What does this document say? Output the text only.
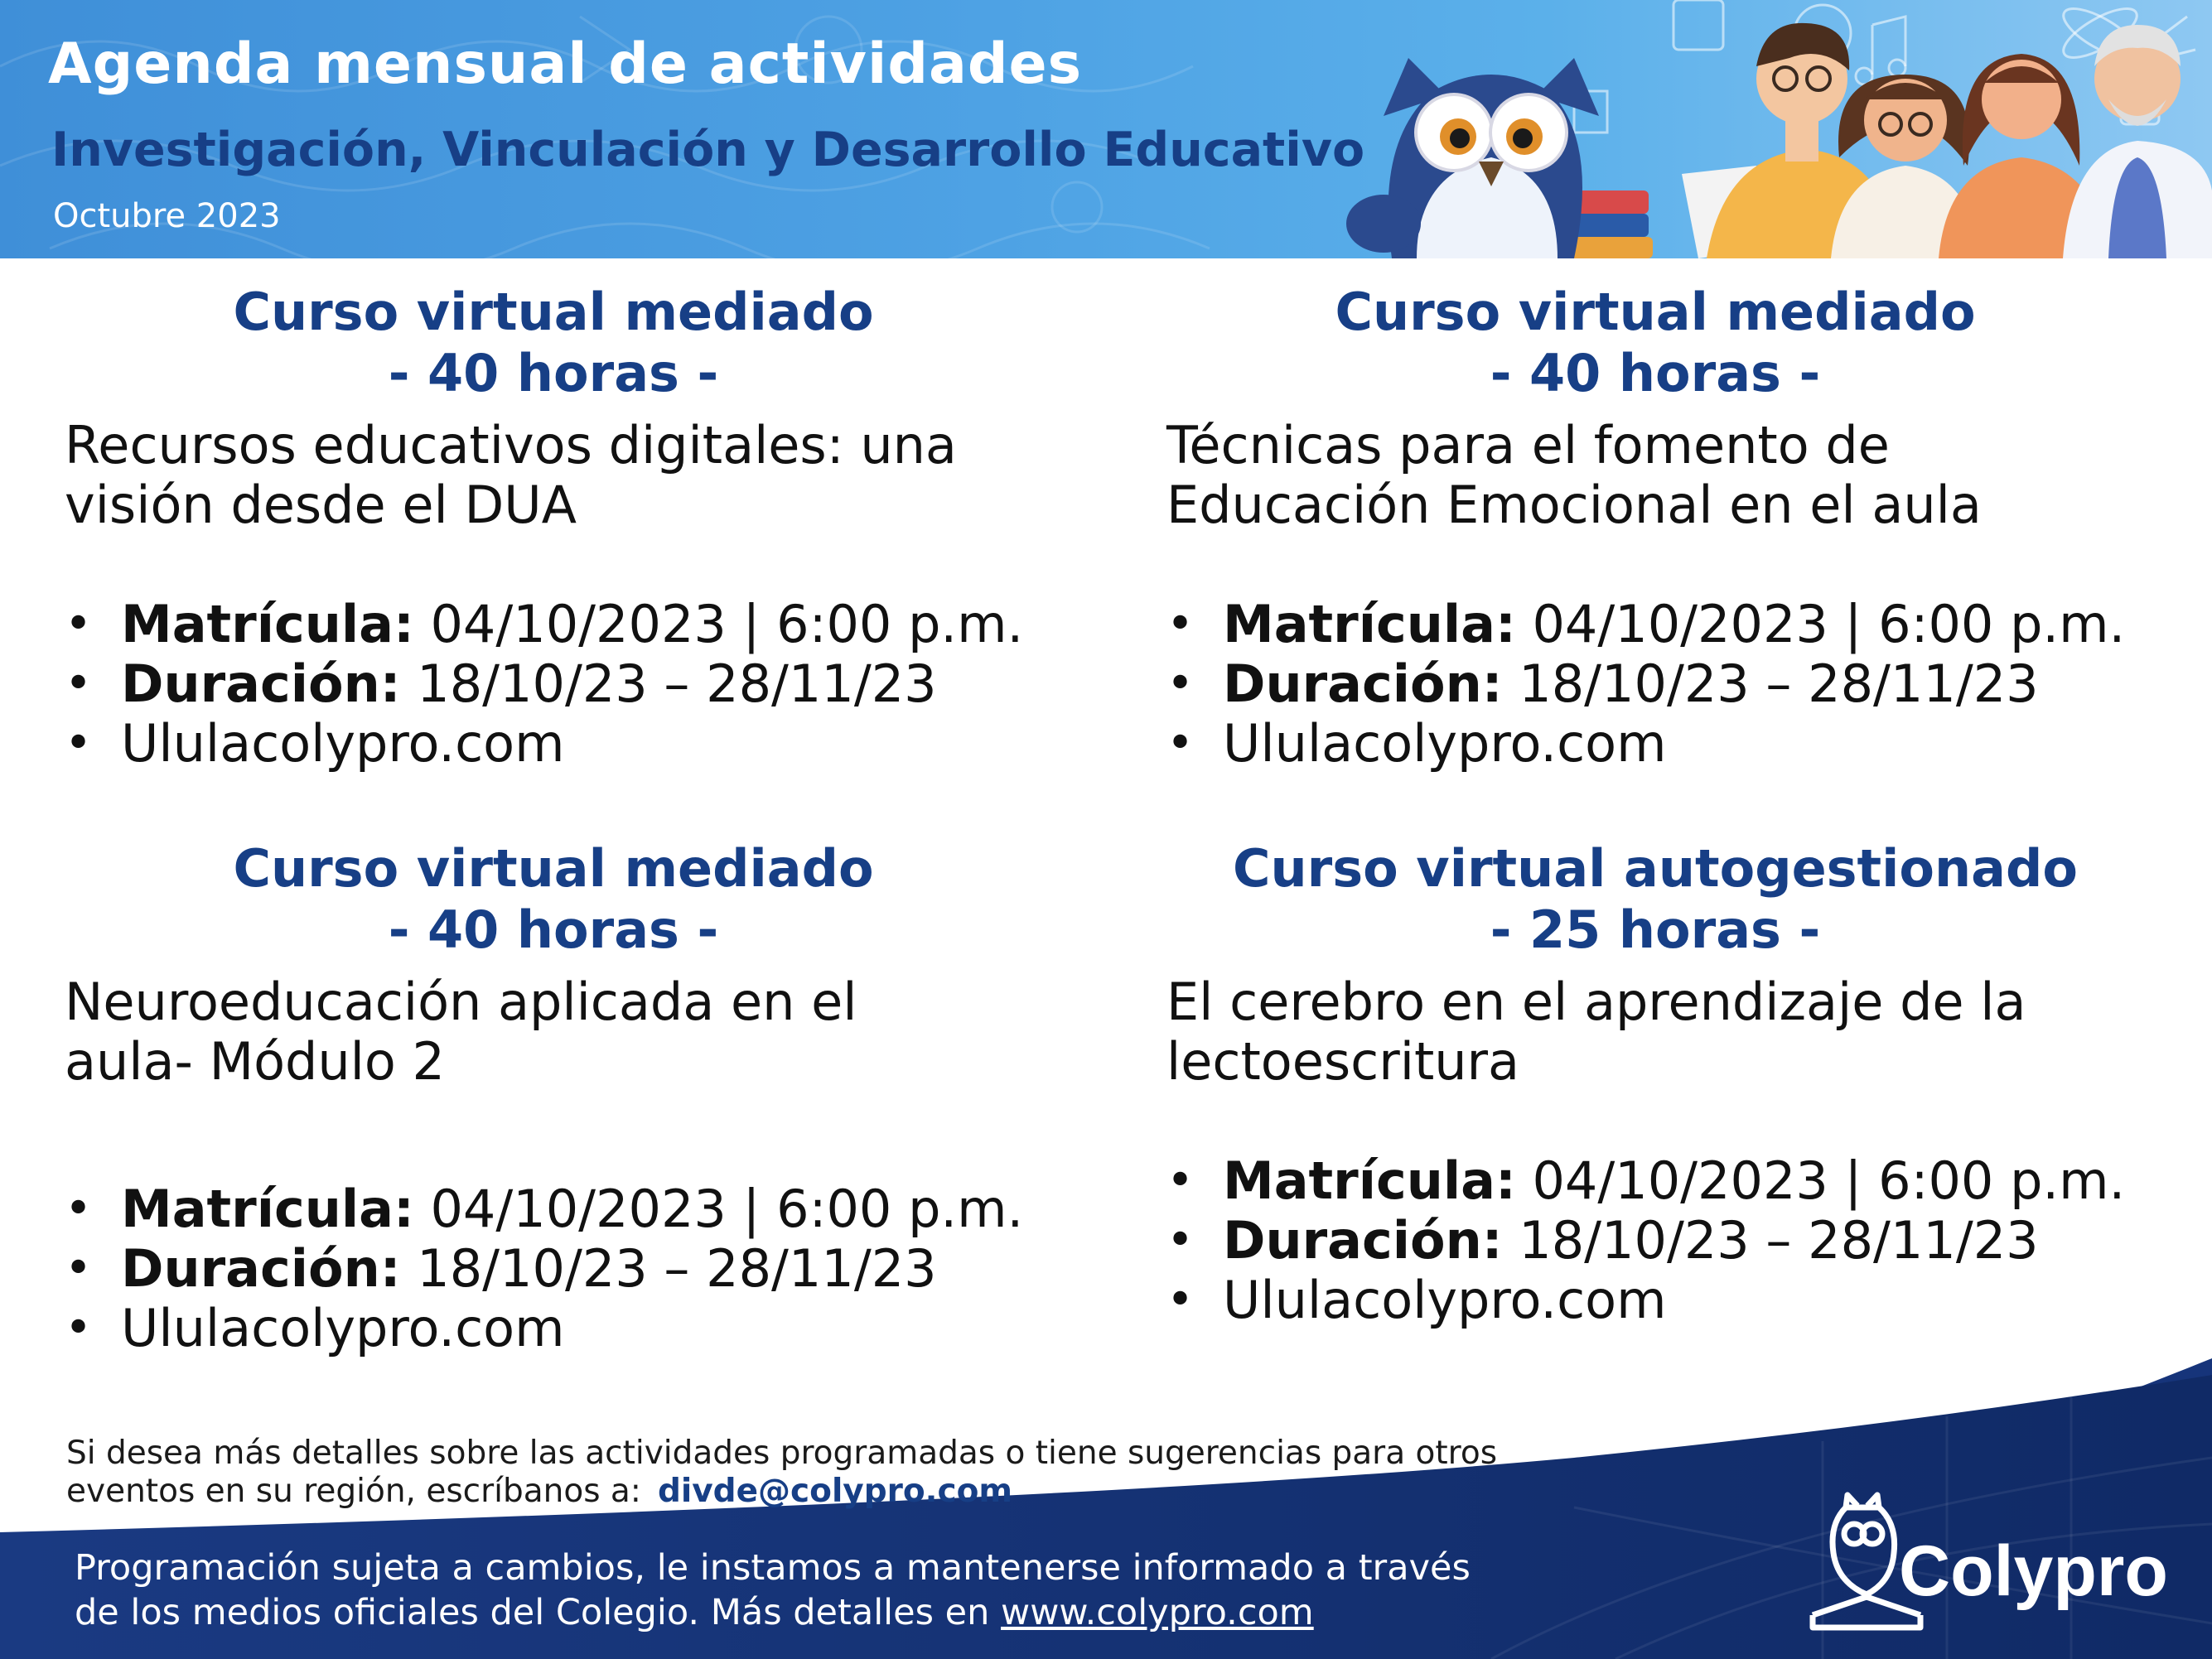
Agenda mensual de actividades
Investigación, Vinculación y Desarrollo Educativo
Octubre 2023
Curso virtual mediado
- 40 horas -
Recursos educativos digitales: una
visión desde el DUA
• Matrícula: 04/10/2023 | 6:00 p.m.
• Duración: 18/10/23 – 28/11/23
• Ululacolypro.com
Curso virtual mediado
- 40 horas -
Técnicas para el fomento de
Educación Emocional en el aula
• Matrícula: 04/10/2023 | 6:00 p.m.
• Duración: 18/10/23 – 28/11/23
• Ululacolypro.com
Curso virtual mediado
- 40 horas -
Neuroeducación aplicada en el
aula- Módulo 2
• Matrícula: 04/10/2023 | 6:00 p.m.
• Duración: 18/10/23 – 28/11/23
• Ululacolypro.com
Curso virtual autogestionado
- 25 horas -
El cerebro en el aprendizaje de la
lectoescritura
• Matrícula: 04/10/2023 | 6:00 p.m.
• Duración: 18/10/23 – 28/11/23
• Ululacolypro.com
Si desea más detalles sobre las actividades programadas o tiene sugerencias para otros
eventos en su región, escríbanos a: divde@colypro.com
Programación sujeta a cambios, le instamos a mantenerse informado a través
de los medios oficiales del Colegio. Más detalles en www.colypro.com
Colypro
